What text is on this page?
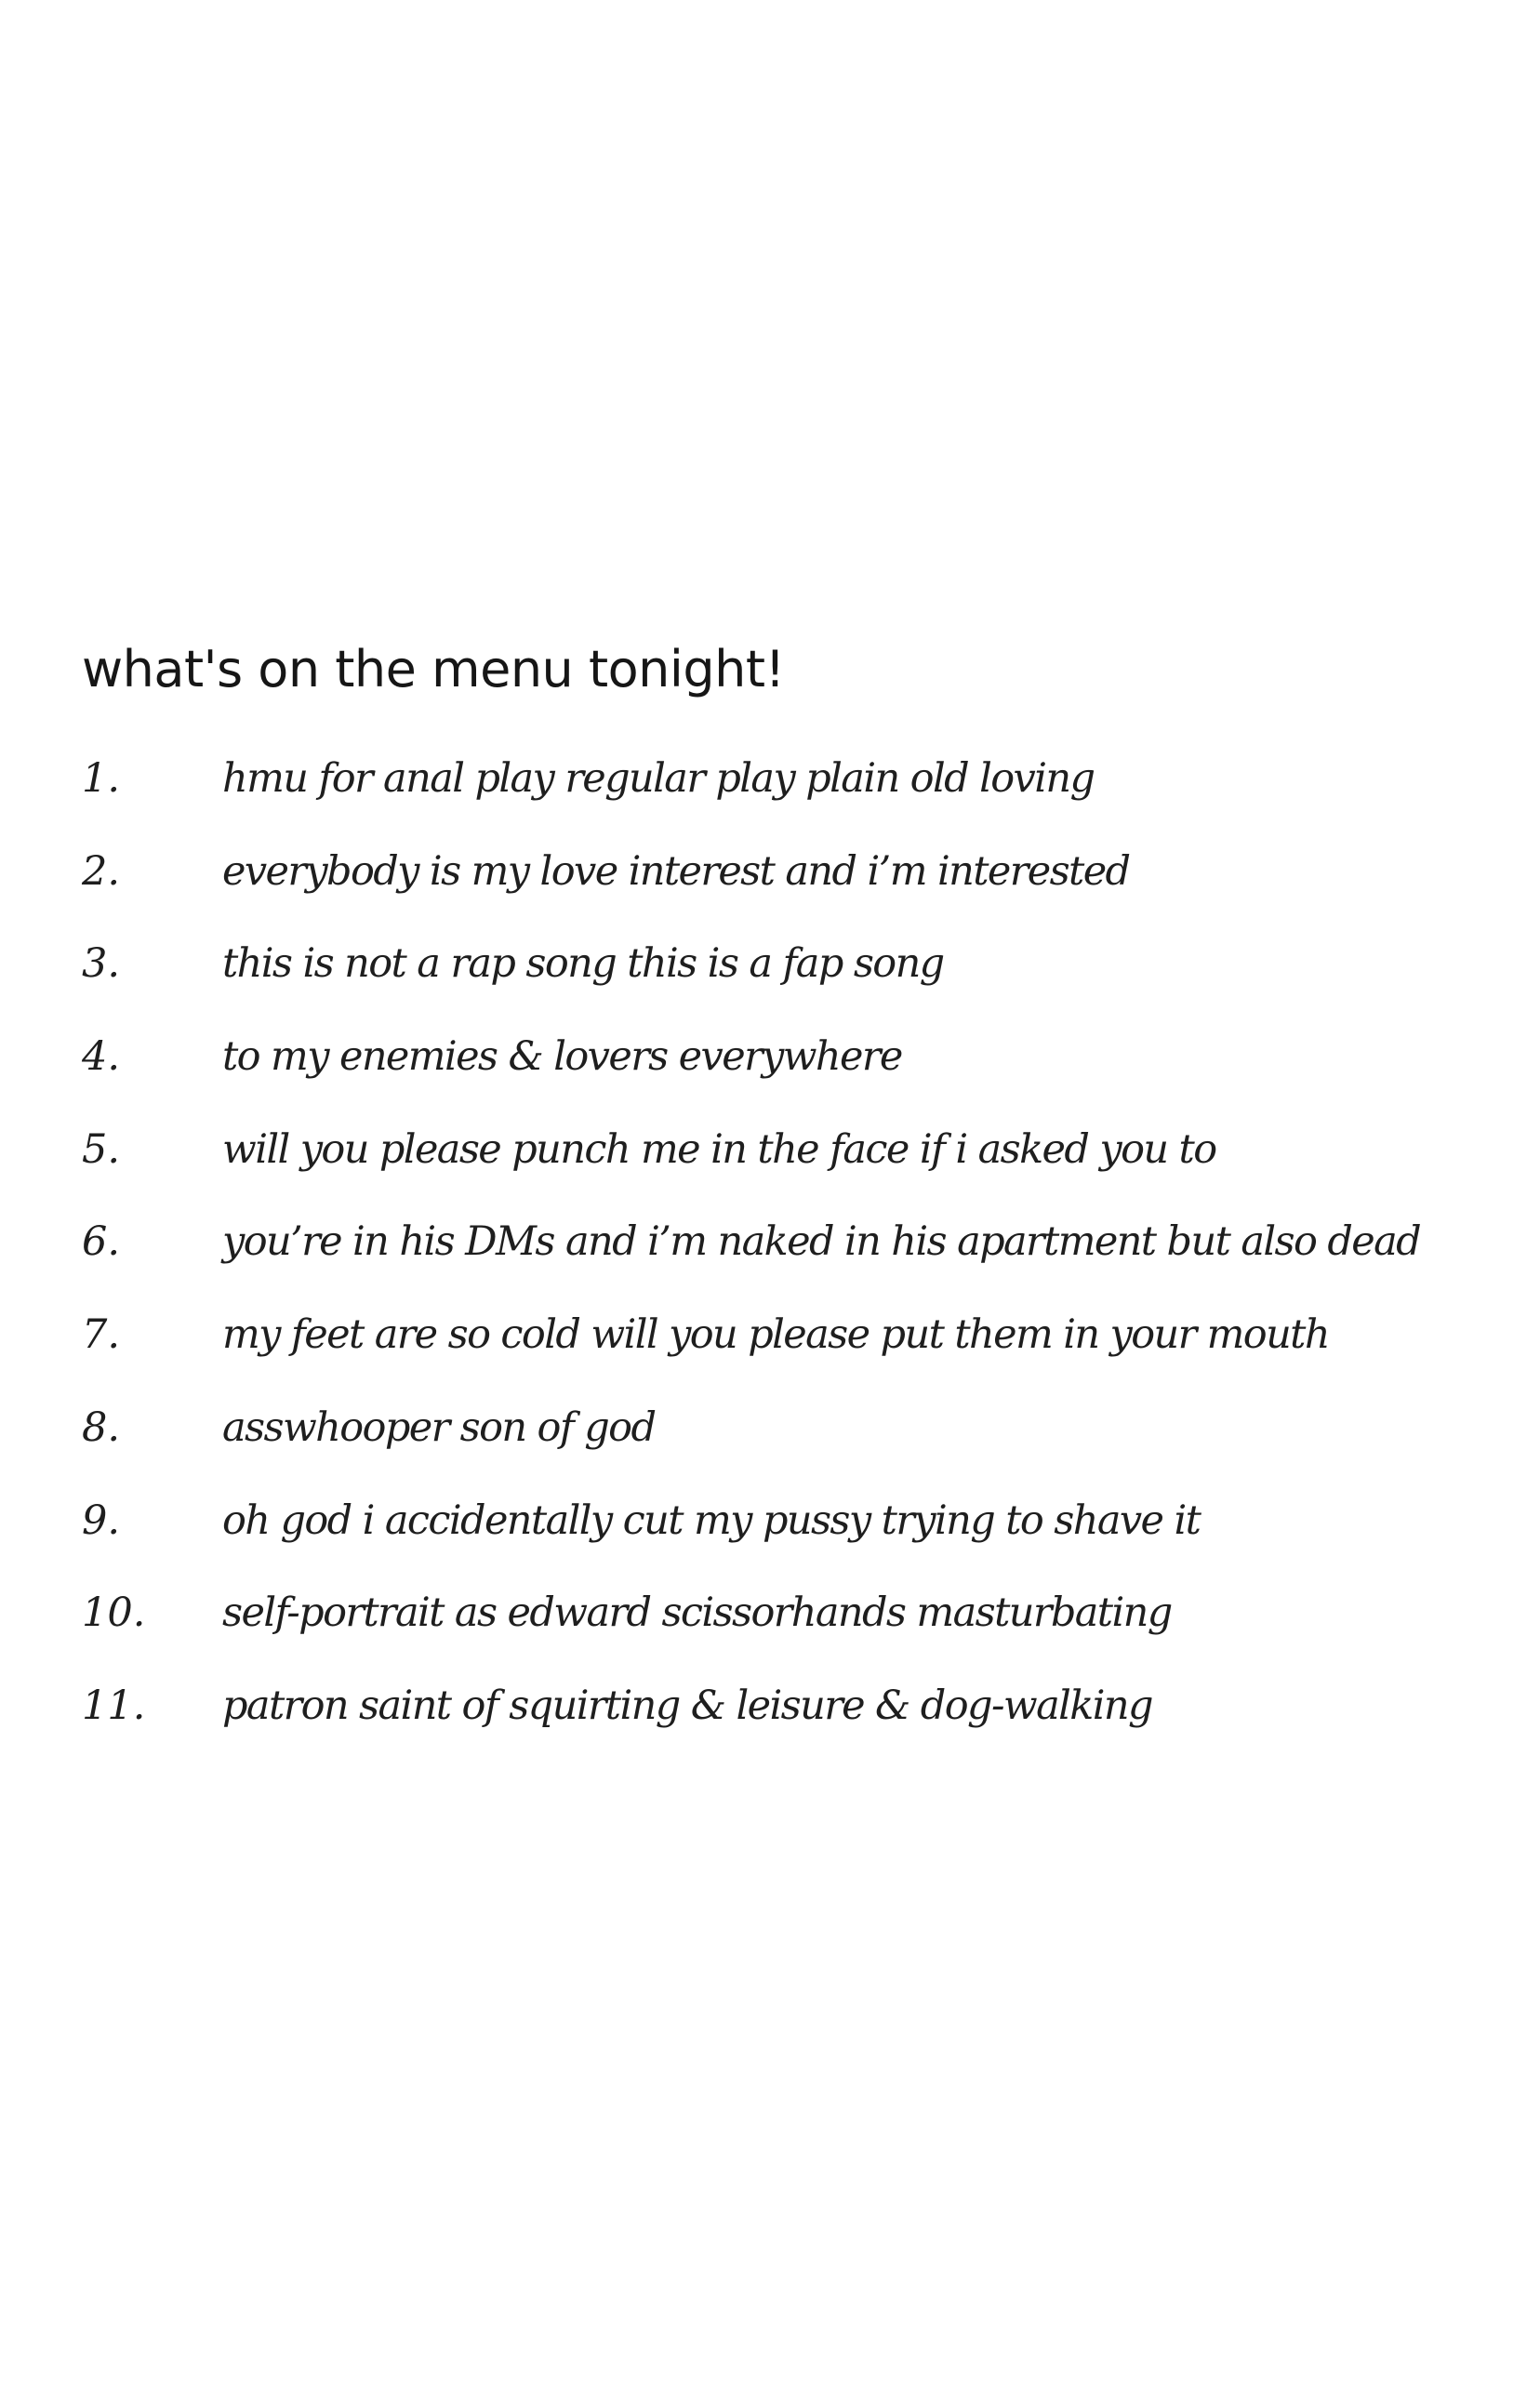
what's on the menu tonight!
1.	hmu for anal play regular play plain old loving
2.	everybody is my love interest and i’m interested
3.	this is not a rap song this is a fap song
4.	to my enemies & lovers everywhere
5.	will you please punch me in the face if i asked you to
6.	you’re in his DMs and i’m naked in his apartment but also dead
7.	my feet are so cold will you please put them in your mouth
8.	asswhooper son of god
9.	oh god i accidentally cut my pussy trying to shave it
10. self-portrait as edward scissorhands masturbating
11. patron saint of squirting & leisure & dog-walking
